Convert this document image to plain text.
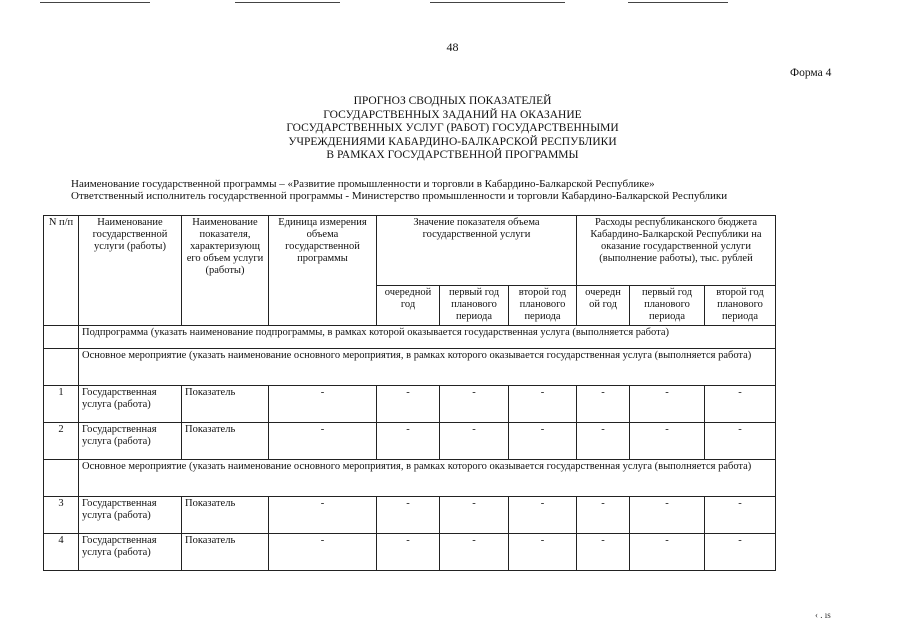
48
Форма 4
ПРОГНОЗ СВОДНЫХ ПОКАЗАТЕЛЕЙ
ГОСУДАРСТВЕННЫХ ЗАДАНИЙ НА ОКАЗАНИЕ
ГОСУДАРСТВЕННЫХ УСЛУГ (РАБОТ) ГОСУДАРСТВЕННЫМИ
УЧРЕЖДЕНИЯМИ КАБАРДИНО-БАЛКАРСКОЙ РЕСПУБЛИКИ
В РАМКАХ ГОСУДАРСТВЕННОЙ ПРОГРАММЫ
Наименование государственной программы – «Развитие промышленности и торговли в Кабардино-Балкарской Республике»
Ответственный исполнитель государственной программы - Министерство промышленности и торговли Кабардино-Балкарской Республики
N п/п	Наименование государственной услуги (работы)	Наименование показателя, характеризующ его объем услуги (работы)	Единица измерения объема государственной программы	Значение показателя объема государственной услуги			Расходы республиканского бюджета Кабардино-Балкарской Республики на оказание государственной услуги (выполнение работы), тыс. рублей		
				очередной год	первый год планового периода	второй год планового периода	очередн ой год	первый год планового периода	второй год планового периода
	Подпрограмма (указать наименование подпрограммы, в рамках которой оказывается государственная услуга (выполняется работа)								
	Основное мероприятие (указать наименование основного мероприятия, в рамках которого оказывается государственная услуга (выполняется работа)								
1	Государственная услуга (работа)	Показатель	-	-	-	-	-	-	-
2	Государственная услуга (работа)	Показатель	-	-	-	-	-	-	-
	Основное мероприятие (указать наименование основного мероприятия, в рамках которого оказывается государственная услуга (выполняется работа)								
3	Государственная услуга (работа)	Показатель	-	-	-	-	-	-	-
4	Государственная услуга (работа)	Показатель	-	-	-	-	-	-	-
‹ . ıs
